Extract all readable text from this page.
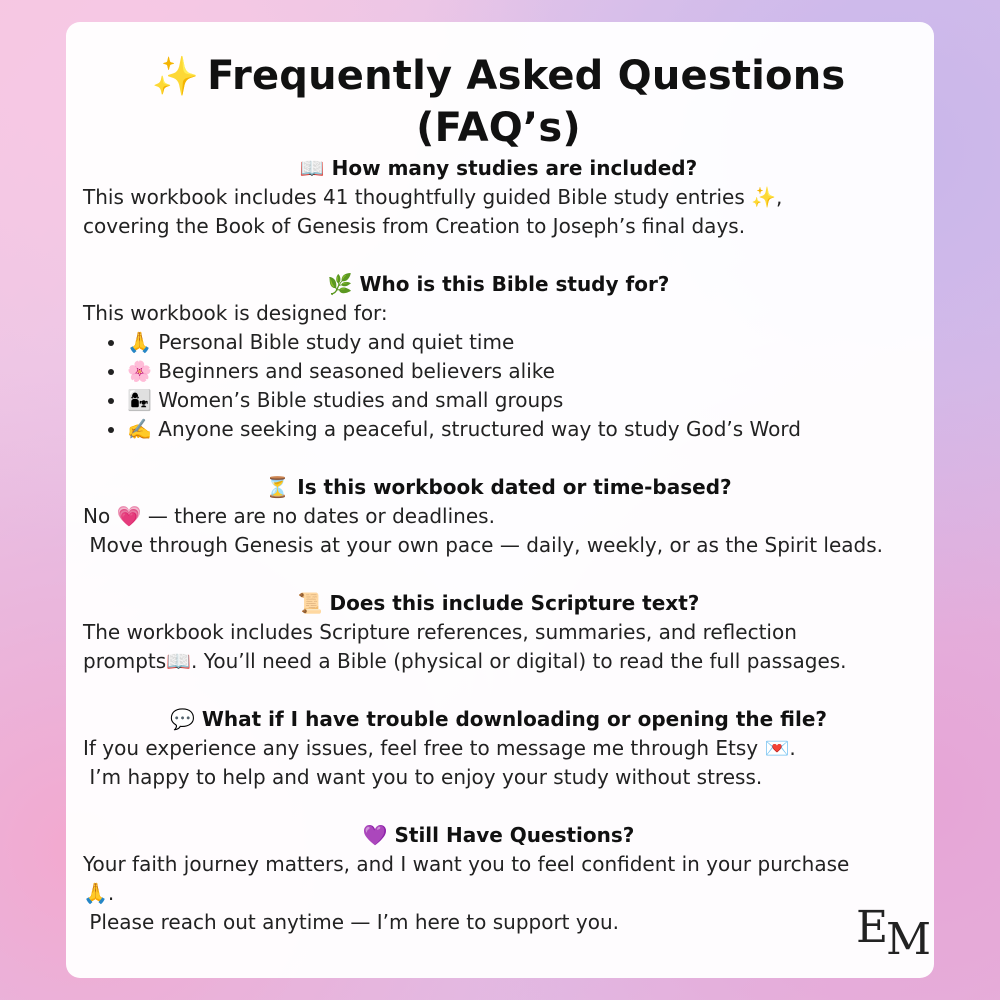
✨ Frequently Asked Questions (FAQ’s)
📖 How many studies are included?
This workbook includes 41 thoughtfully guided Bible study entries ✨,
covering the Book of Genesis from Creation to Joseph’s final days.
🌿 Who is this Bible study for?
This workbook is designed for:
• 🙏 Personal Bible study and quiet time
• 🌸 Beginners and seasoned believers alike
• 👩‍👧 Women’s Bible studies and small groups
• ✍️ Anyone seeking a peaceful, structured way to study God’s Word
⏳ Is this workbook dated or time-based?
No 💗 — there are no dates or deadlines.
Move through Genesis at your own pace — daily, weekly, or as the Spirit leads.
📜 Does this include Scripture text?
The workbook includes Scripture references, summaries, and reflection
prompts📖. You’ll need a Bible (physical or digital) to read the full passages.
💬 What if I have trouble downloading or opening the file?
If you experience any issues, feel free to message me through Etsy 💌.
I’m happy to help and want you to enjoy your study without stress.
💜 Still Have Questions?
Your faith journey matters, and I want you to feel confident in your purchase
🙏.
Please reach out anytime — I’m here to support you.	E
M
